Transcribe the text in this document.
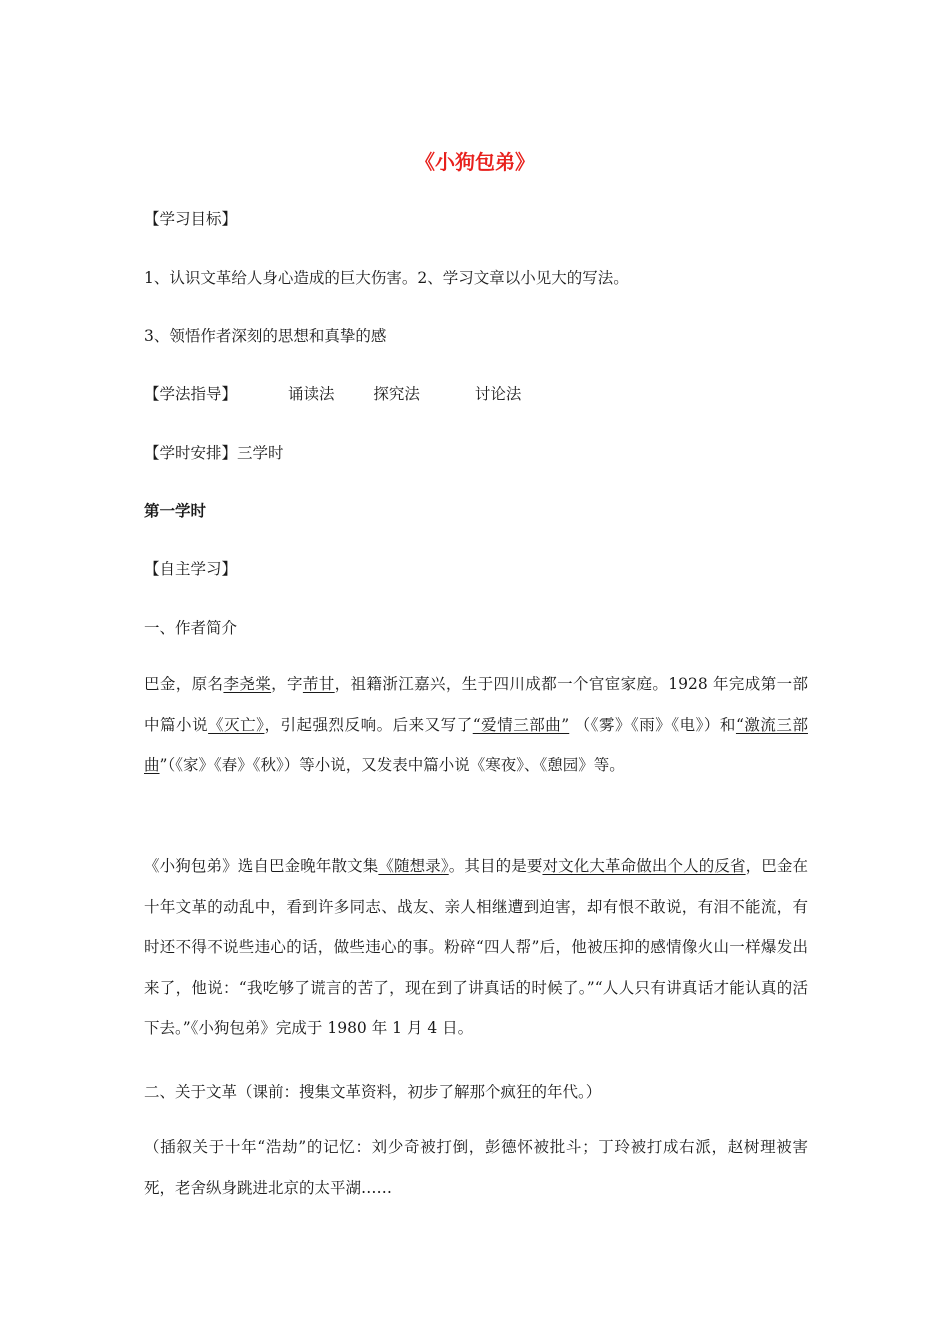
《小狗包弟》
【学习目标】
1、认识文革给人身心造成的巨大伤害。2、学习文章以小见大的写法。
3、领悟作者深刻的思想和真挚的感
【学法指导】	诵读法	探究法	讨论法
【学时安排】三学时
第一学时
【自主学习】
一、作者简介
巴金，原名李尧棠，字芾甘，祖籍浙江嘉兴，生于四川成都一个官宦家庭。1928 年完成第一部中篇小说《灭亡》，引起强烈反响。后来又写了“爱情三部曲” （《雾》《雨》《电》）和“激流三部曲”（《家》《春》《秋》）等小说，又发表中篇小说《寒夜》、《憩园》等。
《小狗包弟》选自巴金晚年散文集《随想录》。其目的是要对文化大革命做出个人的反省，巴金在十年文革的动乱中，看到许多同志、战友、亲人相继遭到迫害，却有恨不敢说，有泪不能流，有时还不得不说些违心的话，做些违心的事。粉碎“四人帮”后，他被压抑的感情像火山一样爆发出来了，他说：“我吃够了谎言的苦了，现在到了讲真话的时候了。”“人人只有讲真话才能认真的活下去。”《小狗包弟》完成于 1980 年 1 月 4 日。
二、关于文革（课前：搜集文革资料，初步了解那个疯狂的年代。）
（插叙关于十年“浩劫”的记忆：刘少奇被打倒，彭德怀被批斗；丁玲被打成右派，赵树理被害死，老舍纵身跳进北京的太平湖……
